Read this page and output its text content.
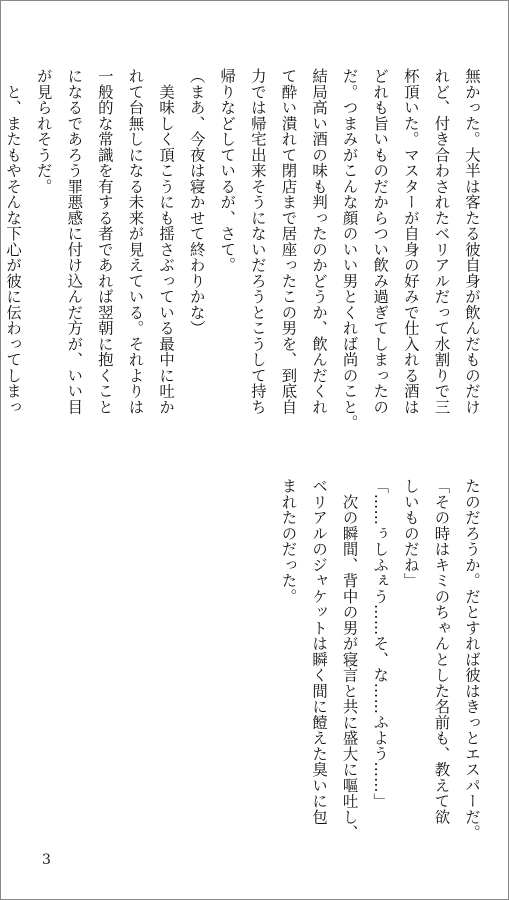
無かった。大半は客たる彼自身が飲んだものだけ
れど、付き合わされたベリアルだって水割りで三
杯頂いた。マスターが自身の好みで仕入れる酒は
どれも旨いものだからつい飲み過ぎてしまったの
だ。つまみがこんな顔のいい男とくれば尚のこと。
結局高い酒の味も判ったのかどうか、飲んだくれ
て酔い潰れて閉店まで居座ったこの男を、到底自
力では帰宅出来そうにないだろうとこうして持ち
帰りなどしているが、さて。
（まあ、今夜は寝かせて終わりかな）
　美味しく頂こうにも揺さぶっている最中に吐か
れて台無しになる未来が見えている。それよりは
一般的な常識を有する者であれば翌朝に抱くこと
になるであろう罪悪感に付け込んだ方が、いい目
が見られそうだ。
　と、またもやそんな下心が彼に伝わってしまっ
たのだろうか。だとすれば彼はきっとエスパーだ。
「その時はキミのちゃんとした名前も、教えて欲
しいものだね」
「……ぅしふぇう……そ、な……ふよう……」
　次の瞬間、背中の男が寝言と共に盛大に嘔吐し、
ベリアルのジャケットは瞬く間に饐えた臭いに包
まれたのだった。
3
